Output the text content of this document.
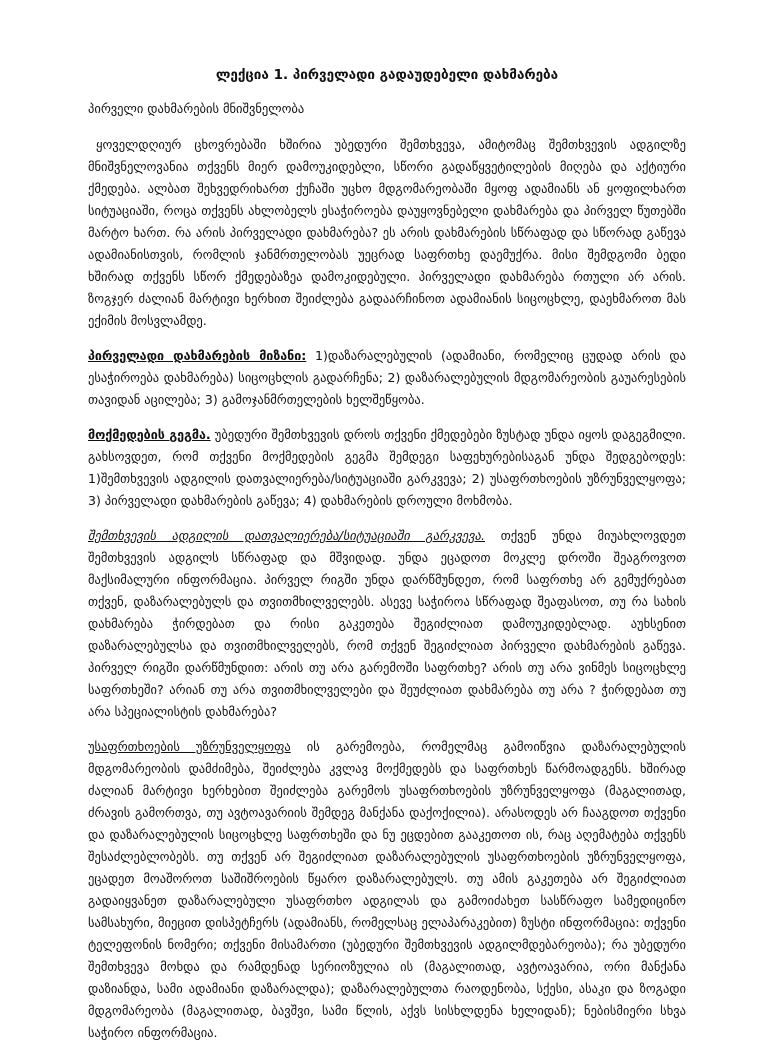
ლექცია 1. პირველადი გადაუდებელი დახმარება
პირველი დახმარების მნიშვნელობა

ყოველდღიურ ცხოვრებაში ხშირია უბედური შემთხვევა, ამიტომაც შემთხვევის ადგილზე მნიშვნელოვანია თქვენს მიერ დამოუკიდებლი, სწორი გადაწყვეტილების მიღება და აქტიური ქმედება. ალბათ შეხვედრიხართ ქუჩაში უცხო მდგომარეობაში მყოფ ადამიანს ან ყოფილხართ სიტუაციაში, როცა თქვენს ახლობელს ესაჭიროება დაუყოვნებელი დახმარება და პირველ წუთებში მარტო ხართ. რა არის პირველადი დახმარება? ეს არის დახმარების სწრაფად და სწორად გაწევა ადამიანისთვის, რომლის ჯანმრთელობას უეცრად საფრთხე დაემუქრა. მისი შემდგომი ბედი ხშირად თქვენს სწორ ქმედებაზეა დამოკიდებული. პირველადი დახმარება რთული არ არის. ზოგჯერ ძალიან მარტივი ხერხით შეიძლება გადაარჩინოთ ადამიანის სიცოცხლე, დაეხმაროთ მას ექიმის მოსვლამდე.

პირველადი დახმარების მიზანი: 1)დაზარალებულის (ადამიანი, რომელიც ცუდად არის და ესაჭიროება დახმარება) სიცოცხლის გადარჩენა; 2) დაზარალებულის მდგომარეობის გაუარესების თავიდან აცილება; 3) გამოჯანმრთელების ხელშეწყობა.

მოქმედების გეგმა. უბედური შემთხვევის დროს თქვენი ქმედებები ზუსტად უნდა იყოს დაგეგმილი. გახსოვდეთ, რომ თქვენი მოქმედების გეგმა შემდეგი საფეხურებისაგან უნდა შედგებოდეს: 1)შემთხვევის ადგილის დათვალიერება/სიტუაციაში გარკვევა; 2) უსაფრთხოების უზრუნველყოფა; 3) პირველადი დახმარების გაწევა; 4) დახმარების დროული მოხმობა.

შემთხვევის ადგილის დათვალიერება/სიტუაციაში გარკვევა. თქვენ უნდა მიუახლოვდეთ შემთხვევის ადგილს სწრაფად და მშვიდად. უნდა ეცადოთ მოკლე დროში შეაგროვოთ მაქსიმალური ინფორმაცია. პირველ რიგში უნდა დარწმუნდეთ, რომ საფრთხე არ გემუქრებათ თქვენ, დაზარალებულს და თვითმხილველებს. ასევე საჭიროა სწრაფად შეაფასოთ, თუ რა სახის დახმარება ჭირდებათ და რისი გაკეთება შეგიძლიათ დამოუკიდებლად. აუხსენით დაზარალებულსა და თვითმხილველებს, რომ თქვენ შეგიძლიათ პირველი დახმარების გაწევა. პირველ რიგში დარწმუნდით: არის თუ არა გარემოში საფრთხე? არის თუ არა ვინმეს სიცოცხლე საფრთხეში? არიან თუ არა თვითმხილველები და შეუძლიათ დახმარება თუ არა ? ჭირდებათ თუ არა სპეციალისტის დახმარება?

უსაფრთხოების უზრუნველყოფა ის გარემოება, რომელმაც გამოიწვია დაზარალებულის მდგომარეობის დამძიმება, შეიძლება კვლავ მოქმედებს და საფრთხეს წარმოადგენს. ხშირად ძალიან მარტივი ხერხებით შეიძლება გარემოს უსაფრთხოების უზრუნველყოფა (მაგალითად, ძრავის გამორთვა, თუ ავტოავარიის შემდეგ მანქანა დაქოქილია). არასოდეს არ ჩააგდოთ თქვენი და დაზარალებულის სიცოცხლე საფრთხეში და ნუ ეცდებით გააკეთოთ ის, რაც აღემატება თქვენს შესაძლებლობებს. თუ თქვენ არ შეგიძლიათ დაზარალებულის უსაფრთხოების უზრუნველყოფა, ეცადეთ მოაშოროთ საშიშროების წყარო დაზარალებულს. თუ ამის გაკეთება არ შეგიძლიათ გადაიყვანეთ დაზარალებული უსაფრთხო ადგილას და გამოიძახეთ სასწრაფო სამედიცინო სამსახური, მიეცით დისპეტჩერს (ადამიანს, რომელსაც ელაპარაკებით) ზუსტი ინფორმაცია: თქვენი ტელეფონის ნომერი; თქვენი მისამართი (უბედური შემთხვევის ადგილმდებარეობა); რა უბედური შემთხვევა მოხდა და რამდენად სერიოზულია ის (მაგალითად, ავტოავარია, ორი მანქანა დაზიანდა, სამი ადამიანი დაზარალდა); დაზარალებულთა რაოდენობა, სქესი, ასაკი და ზოგადი მდგომარეობა (მაგალითად, ბავშვი, სამი წლის, აქვს სისხლდენა ხელიდან); ნებისმიერი სხვა საჭირო ინფორმაცია.
